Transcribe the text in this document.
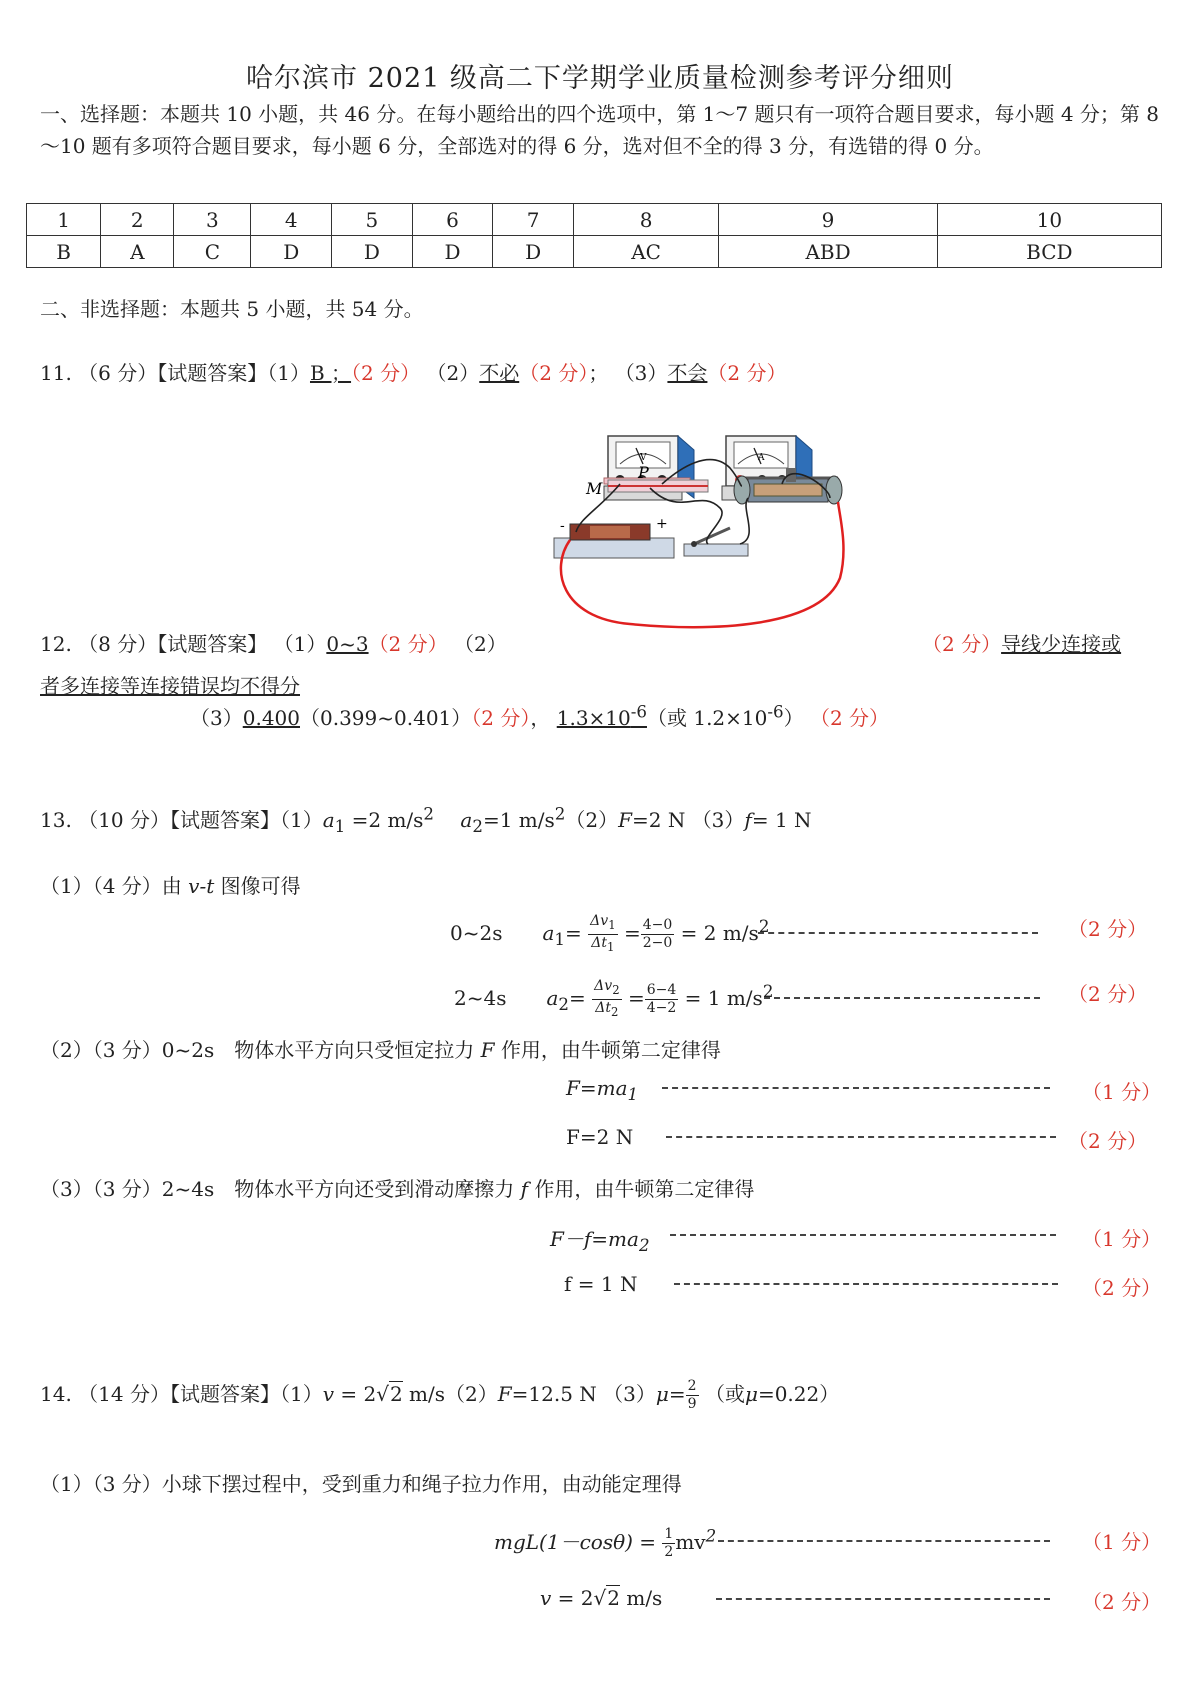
哈尔滨市 2021 级高二下学期学业质量检测参考评分细则
一、选择题：本题共 10 小题，共 46 分。在每小题给出的四个选项中，第 1～7 题只有一项符合题目要求，每小题 4 分；第 8～10 题有多项符合题目要求，每小题 6 分，全部选对的得 6 分，选对但不全的得 3 分，有选错的得 0 分。
1	2	3	4	5	6	7	8	9	10
B	A	C	D	D	D	D	AC	ABD	BCD
二、非选择题：本题共 5 小题，共 54 分。
11. （6 分）【试题答案】（1）B ；（2 分） （2）不必（2 分）； （3）不会（2 分）
V	A
M
P
+
-
12. （8 分）【试题答案】 （1）0~3（2 分） （2）	（2 分）导线少连接或
者多连接等连接错误均不得分
（3）0.400（0.399~0.401）（2 分）， $1.3\times 10^{-6}$（或 $1.2\times 10^{-6}$） （2 分）
13. （10 分）【试题答案】$(1)a_1 =2$ $m/s^2$ 　 $a_2=1$ $m/s^2(2)F=2$ N （3）f= 1 N
（1）（4 分）由 v-t 图像可得
0~2s　　 $a_1= \frac{\Delta v_1}{\Delta t_1} = \frac{4-0}{2-0} = 2$ $m/s^2$	（2 分）
2~4s　　 $a_2= \frac{\Delta v_2}{\Delta t_2} = \frac{6-4}{4-2} = 1$ $m/s^2$	（2 分）
（2）（3 分）0~2s　物体水平方向只受恒定拉力 F 作用，由牛顿第二定律得
$F=ma_1$	（1 分）
F=2 N	（2 分）
（3）（3 分）2~4s　物体水平方向还受到滑动摩擦力 f 作用，由牛顿第二定律得
$F-f=ma_2$	（1 分）
f = 1 N	（2 分）
14. （14 分）【试题答案】（1）v = 2√2 m/s（2）F=12.5 N $(3)\mu= \frac{2}{9}$ （或μ=0.22）
（1）（3 分）小球下摆过程中，受到重力和绳子拉力作用，由动能定理得
$mgL(1-\cos\theta) = \frac{1}{2} mv^2$	（1 分）
v = 2√2 m/s	（2 分）
